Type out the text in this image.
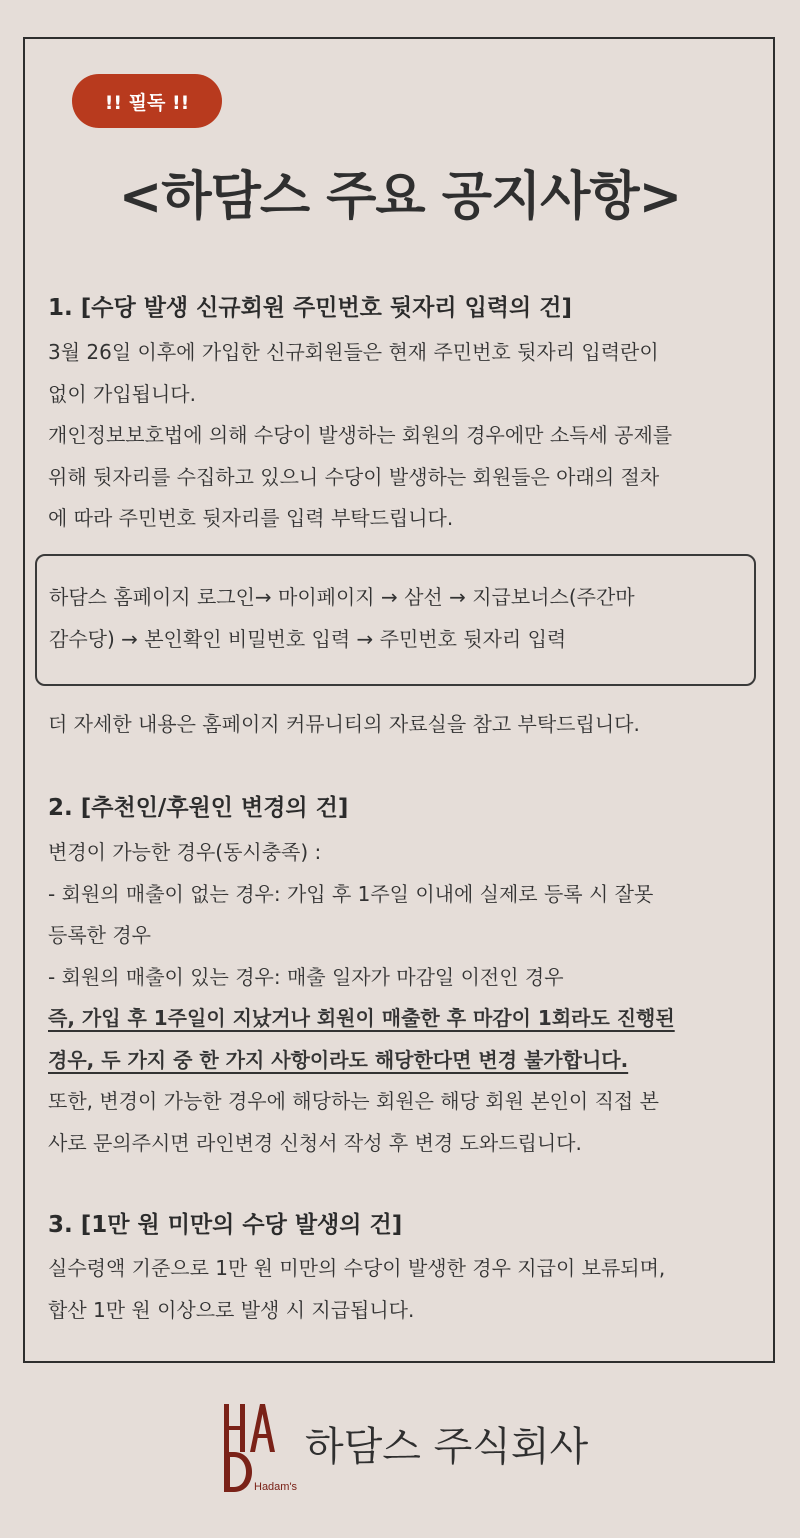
!! 필독 !!
<하담스 주요 공지사항>
1. [수당 발생 신규회원 주민번호 뒷자리 입력의 건]
3월 26일 이후에 가입한 신규회원들은 현재 주민번호 뒷자리 입력란이
없이 가입됩니다.
개인정보보호법에 의해 수당이 발생하는 회원의 경우에만 소득세 공제를
위해 뒷자리를 수집하고 있으니 수당이 발생하는 회원들은 아래의 절차
에 따라 주민번호 뒷자리를 입력 부탁드립니다.
하담스 홈페이지 로그인→ 마이페이지 → 삼선 → 지급보너스(주간마
감수당) → 본인확인 비밀번호 입력 → 주민번호 뒷자리 입력
더 자세한 내용은 홈페이지 커뮤니티의 자료실을 참고 부탁드립니다.
2. [추천인/후원인 변경의 건]
변경이 가능한 경우(동시충족) :
- 회원의 매출이 없는 경우: 가입 후 1주일 이내에 실제로 등록 시 잘못
등록한 경우
- 회원의 매출이 있는 경우: 매출 일자가 마감일 이전인 경우
즉, 가입 후 1주일이 지났거나 회원이 매출한 후 마감이 1회라도 진행된
경우, 두 가지 중 한 가지 사항이라도 해당한다면 변경 불가합니다.
또한, 변경이 가능한 경우에 해당하는 회원은 해당 회원 본인이 직접 본
사로 문의주시면 라인변경 신청서 작성 후 변경 도와드립니다.
3. [1만 원 미만의 수당 발생의 건]
실수령액 기준으로 1만 원 미만의 수당이 발생한 경우 지급이 보류되며,
합산 1만 원 이상으로 발생 시 지급됩니다.
Hadam's
하담스 주식회사
